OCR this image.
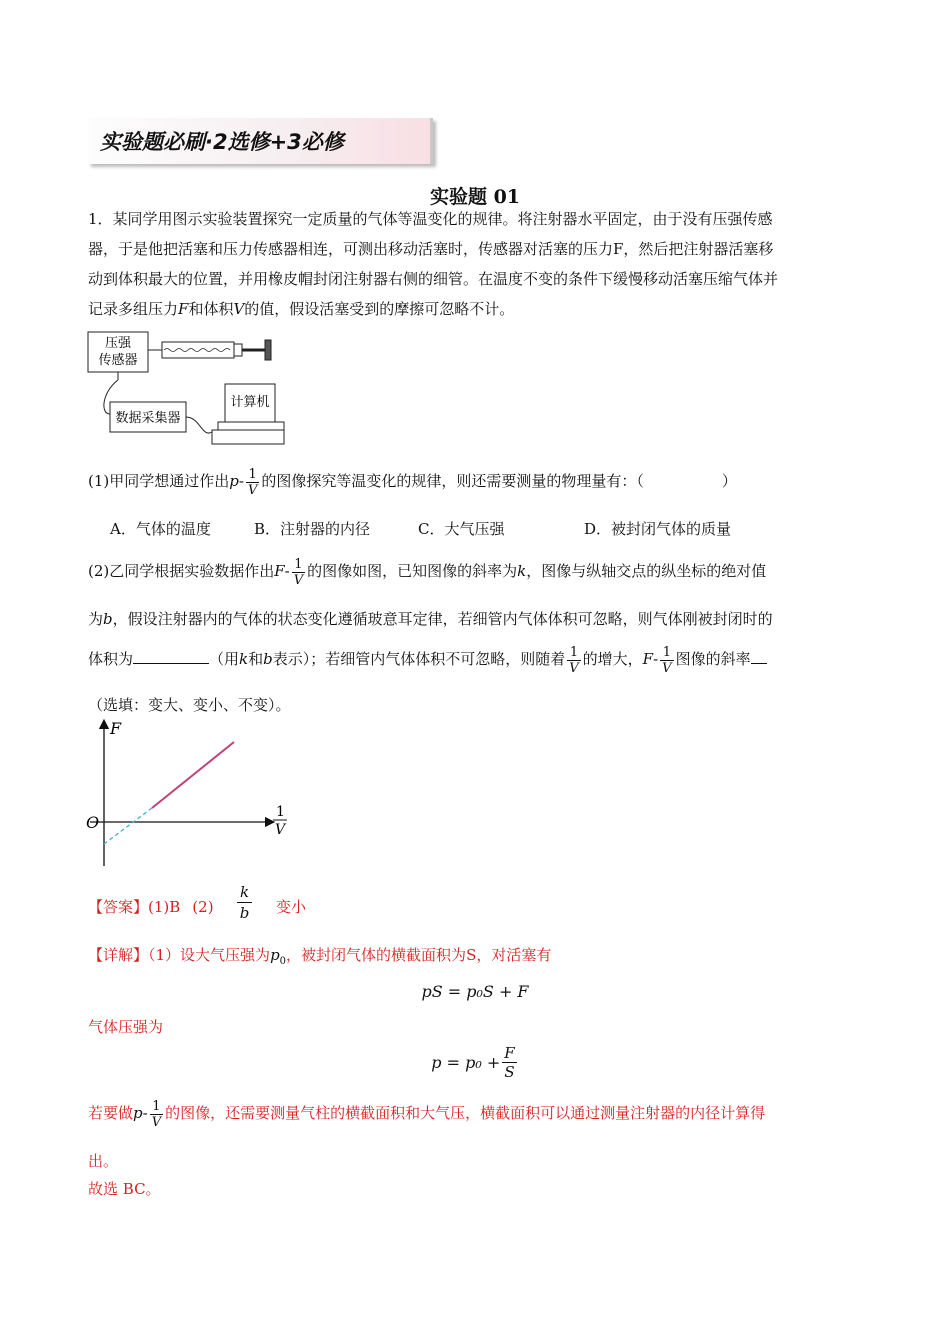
实验题必刷·2选修+3必修
实验题 01
1．某同学用图示实验装置探究一定质量的气体等温变化的规律。将注射器水平固定，由于没有压强传感
器，于是他把活塞和压力传感器相连，可测出移动活塞时，传感器对活塞的压力F，然后把注射器活塞移
动到体积最大的位置，并用橡皮帽封闭注射器右侧的细管。在温度不变的条件下缓慢移动活塞压缩气体并
记录多组压力F和体积V的值，假设活塞受到的摩擦可忽略不计。
压强
传感器
数据采集器
计算机
(1)甲同学想通过作出$p- \frac{1}{V}$ 的图像探究等温变化的规律，则还需要测量的物理量有：（	）
A．气体的温度	B．注射器的内径	C．大气压强	D．被封闭气体的质量
(2)乙同学根据实验数据作出$F- \frac{1}{V}$ 的图像如图，已知图像的斜率为k，图像与纵轴交点的纵坐标的绝对值
为b，假设注射器内的气体的状态变化遵循玻意耳定律，若细管内气体体积可忽略，则气体刚被封闭时的
体积为	（用k和b表示）；若细管内气体体积不可忽略，则随着 $\frac{1}{V}$ 的增大，$F- \frac{1}{V}$ 图像的斜率
（选填：变大、变小、不变）。
F
1
V
O
【答案】(1)B (2)
k
b 变小
【详解】（1）设大气压强为$p_0$，被封闭气体的横截面积为S，对活塞有
pS = p₀S + F
气体压强为
$p = p_0 + \frac{F}{S}$
若要做$p- \frac{1}{V}$ 的图像，还需要测量气柱的横截面积和大气压，横截面积可以通过测量注射器的内径计算得
出。
故选 BC。
